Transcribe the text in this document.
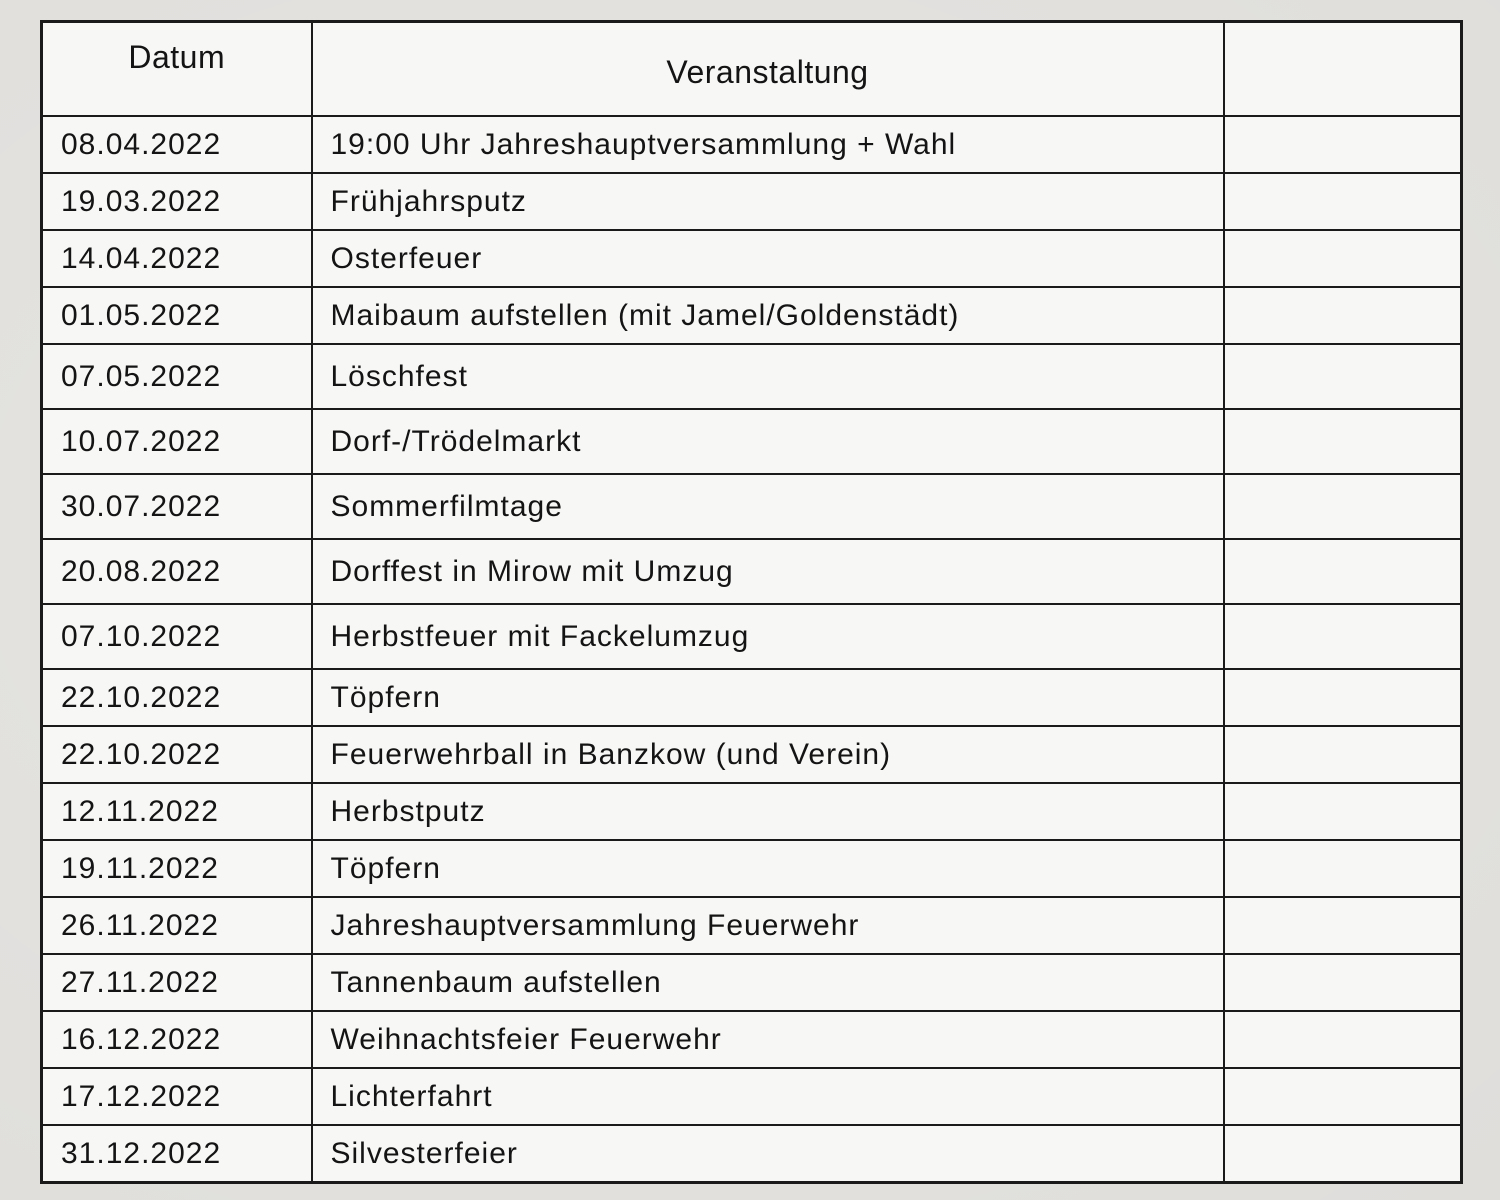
Datum	Veranstaltung	
08.04.2022	19:00 Uhr Jahreshauptversammlung + Wahl	
19.03.2022	Frühjahrsputz	
14.04.2022	Osterfeuer	
01.05.2022	Maibaum aufstellen (mit Jamel/Goldenstädt)	
07.05.2022	Löschfest	
10.07.2022	Dorf-/Trödelmarkt	
30.07.2022	Sommerfilmtage	
20.08.2022	Dorffest in Mirow mit Umzug	
07.10.2022	Herbstfeuer mit Fackelumzug	
22.10.2022	Töpfern	
22.10.2022	Feuerwehrball in Banzkow (und Verein)	
12.11.2022	Herbstputz	
19.11.2022	Töpfern	
26.11.2022	Jahreshauptversammlung Feuerwehr	
27.11.2022	Tannenbaum aufstellen	
16.12.2022	Weihnachtsfeier Feuerwehr	
17.12.2022	Lichterfahrt	
31.12.2022	Silvesterfeier	
